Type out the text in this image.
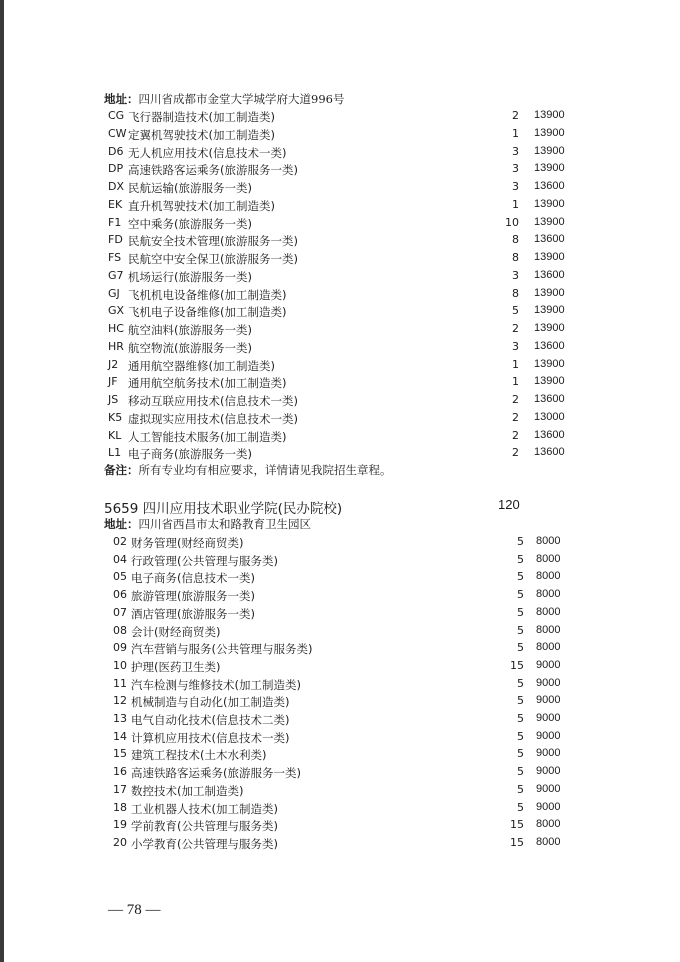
地址：四川省成都市金堂大学城学府大道996号
CG 飞行器制造技术(加工制造类)	2 13900
CW 定翼机驾驶技术(加工制造类)	1 13900
D6 无人机应用技术(信息技术一类)	3 13900
DP 高速铁路客运乘务(旅游服务一类)	3 13900
DX 民航运输(旅游服务一类)	3 13600
EK 直升机驾驶技术(加工制造类)	1 13900
F1 空中乘务(旅游服务一类)	10 13900
FD 民航安全技术管理(旅游服务一类)	8 13600
FS 民航空中安全保卫(旅游服务一类)	8 13900
G7 机场运行(旅游服务一类)	3 13600
GJ 飞机机电设备维修(加工制造类)	8 13900
GX 飞机电子设备维修(加工制造类)	5 13900
HC 航空油料(旅游服务一类)	2 13900
HR 航空物流(旅游服务一类)	3 13600
J2 通用航空器维修(加工制造类)	1 13900
JF 通用航空航务技术(加工制造类)	1 13900
JS 移动互联应用技术(信息技术一类)	2 13600
K5 虚拟现实应用技术(信息技术一类)	2 13000
KL 人工智能技术服务(加工制造类)	2 13600
L1 电子商务(旅游服务一类)	2 13600
备注：所有专业均有相应要求，详情请见我院招生章程。
5659 四川应用技术职业学院(民办院校)	120
地址：四川省西昌市太和路教育卫生园区
02 财务管理(财经商贸类)	5 8000
04 行政管理(公共管理与服务类)	5 8000
05 电子商务(信息技术一类)	5 8000
06 旅游管理(旅游服务一类)	5 8000
07 酒店管理(旅游服务一类)	5 8000
08 会计(财经商贸类)	5 8000
09 汽车营销与服务(公共管理与服务类)	5 8000
10 护理(医药卫生类)	15 9000
11 汽车检测与维修技术(加工制造类)	5 9000
12 机械制造与自动化(加工制造类)	5 9000
13 电气自动化技术(信息技术二类)	5 9000
14 计算机应用技术(信息技术一类)	5 9000
15 建筑工程技术(土木水利类)	5 9000
16 高速铁路客运乘务(旅游服务一类)	5 9000
17 数控技术(加工制造类)	5 9000
18 工业机器人技术(加工制造类)	5 9000
19 学前教育(公共管理与服务类)	15 8000
20 小学教育(公共管理与服务类)	15 8000
— 78 —
